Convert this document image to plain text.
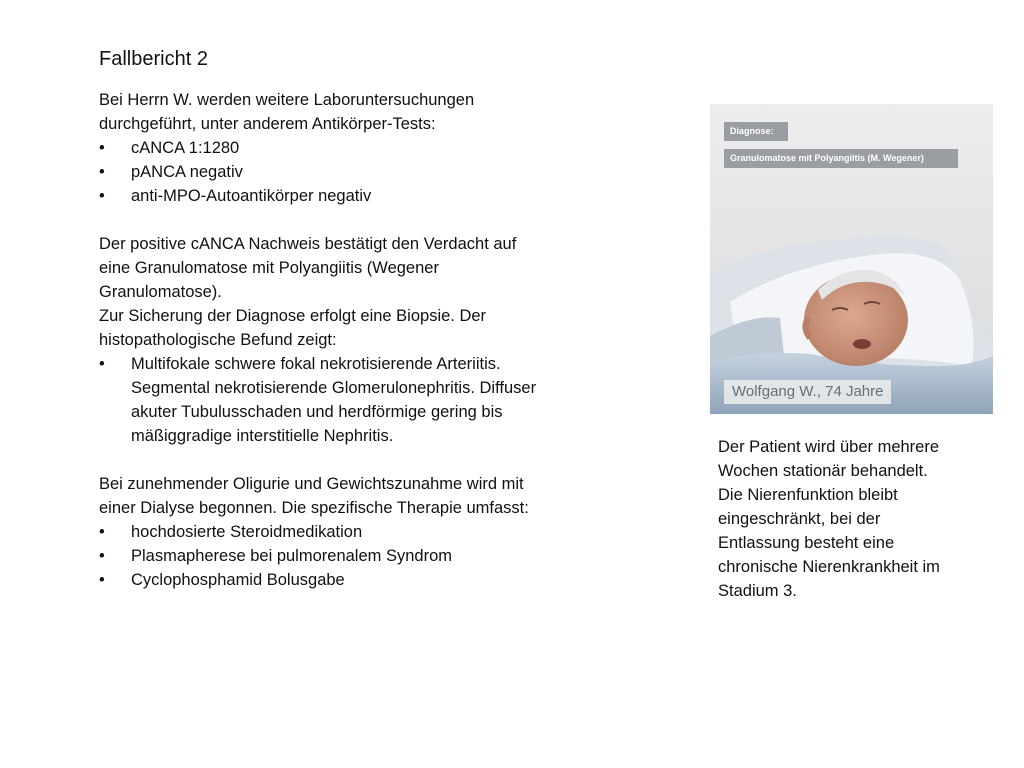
Fallbericht 2

Bei Herrn W. werden weitere Laboruntersuchungen
durchgeführt, unter anderem Antikörper-Tests:

•	cANCA 1:1280
•	pANCA negativ
•	anti-MPO-Autoantikörper negativ

Der positive cANCA Nachweis bestätigt den Verdacht auf
eine Granulomatose mit Polyangiitis (Wegener
Granulomatose).

Zur Sicherung der Diagnose erfolgt eine Biopsie. Der
histopathologische Befund zeigt:

•	Multifokale schwere fokal nekrotisierende Arteriitis.
Segmental nekrotisierende Glomerulonephritis. Diffuser
akuter Tubulusschaden und herdförmige gering bis
mäßiggradige interstitielle Nephritis.

Bei zunehmender Oligurie und Gewichtszunahme wird mit
einer Dialyse begonnen. Die spezifische Therapie umfasst:

•	hochdosierte Steroidmedikation
•	Plasmapherese bei pulmorenalem Syndrom
•	Cyclophosphamid Bolusgabe
Diagnose:
Granulomatose mit Polyangiitis (M. Wegener)
Wolfgang W., 74 Jahre
Der Patient wird über mehrere
Wochen stationär behandelt.
Die Nierenfunktion bleibt
eingeschränkt, bei der
Entlassung besteht eine
chronische Nierenkrankheit im
Stadium 3.
